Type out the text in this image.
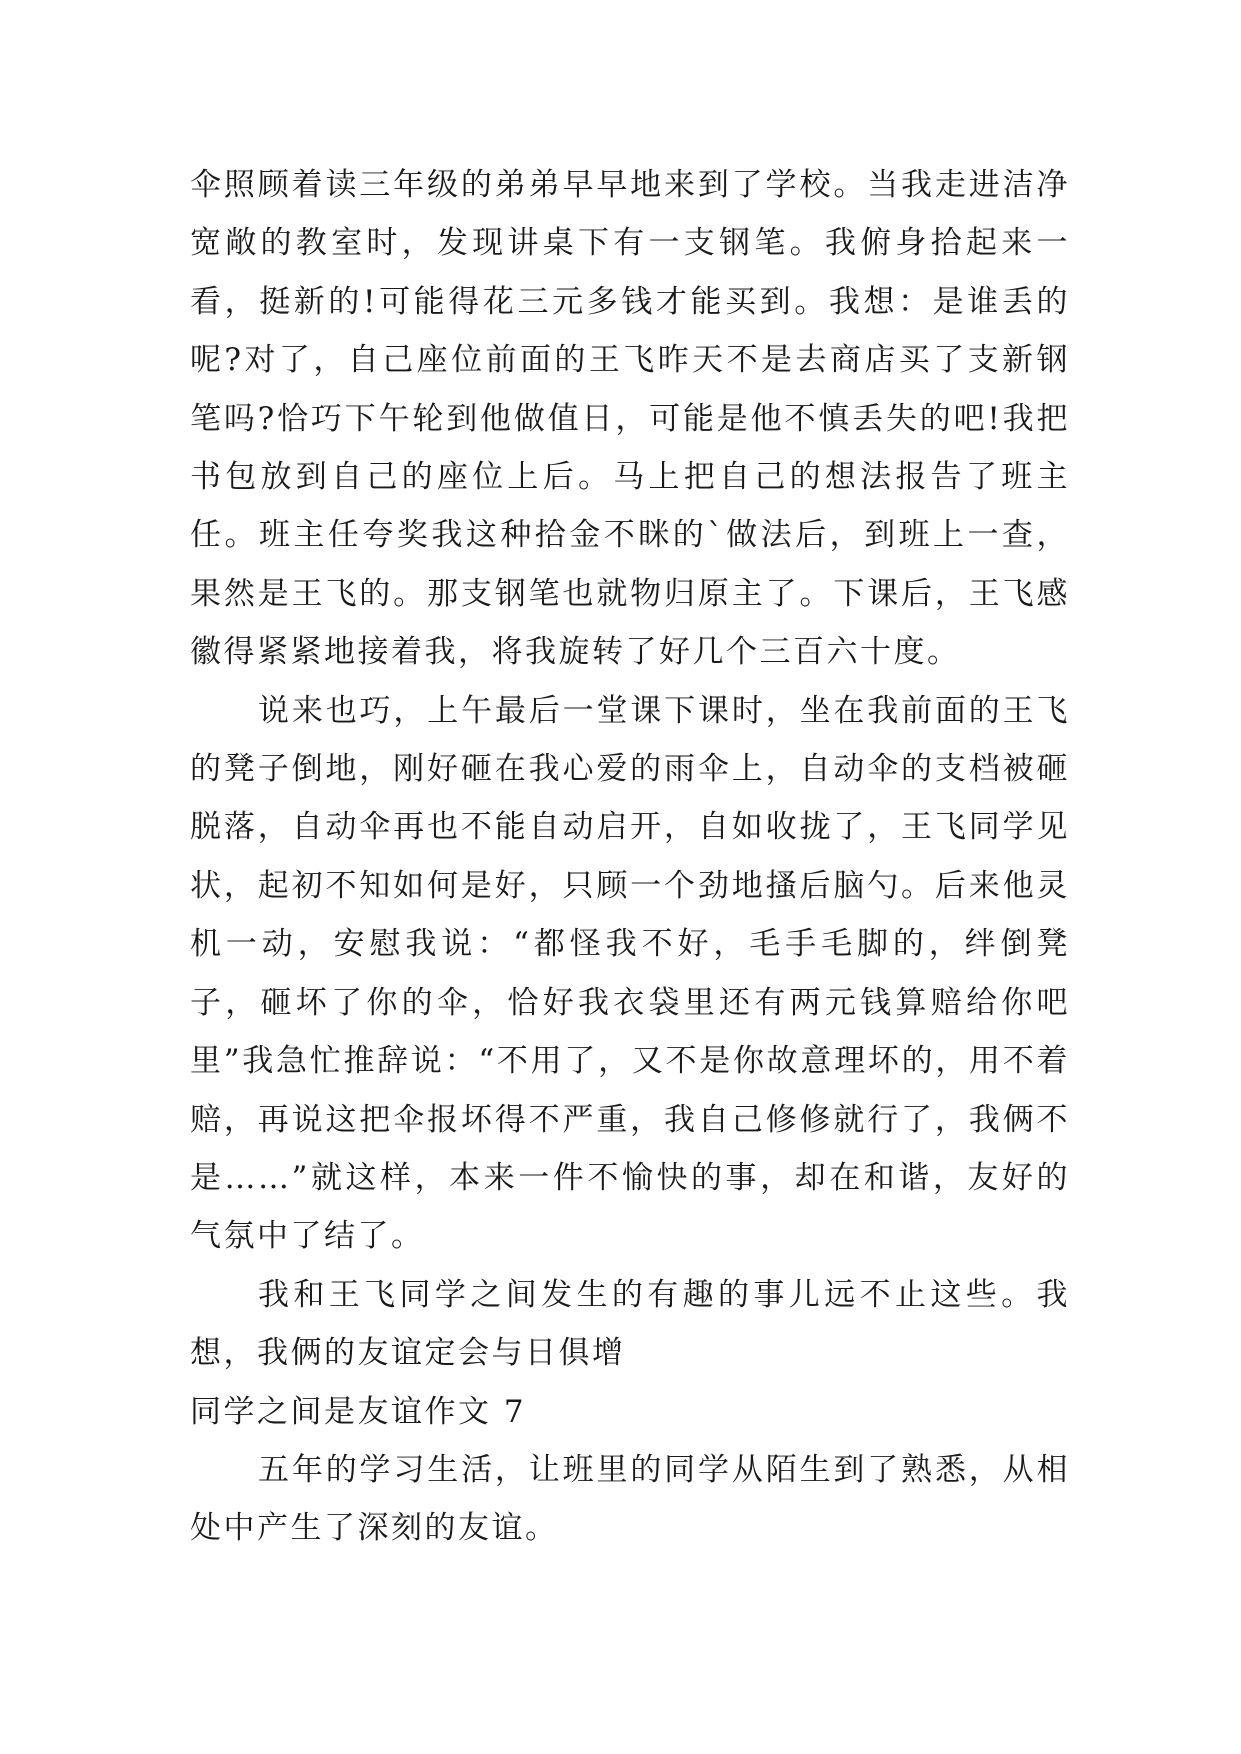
伞照顾着读三年级的弟弟早早地来到了学校。当我走进洁净宽敞的教室时，发现讲桌下有一支钢笔。我俯身拾起来一看，挺新的!可能得花三元多钱才能买到。我想：是谁丢的呢?对了，自己座位前面的王飞昨天不是去商店买了支新钢笔吗?恰巧下午轮到他做值日，可能是他不慎丢失的吧!我把书包放到自己的座位上后。马上把自己的想法报告了班主任。班主任夸奖我这种拾金不眯的`做法后，到班上一查，果然是王飞的。那支钢笔也就物归原主了。下课后，王飞感徽得紧紧地接着我，将我旋转了好几个三百六十度。

说来也巧，上午最后一堂课下课时，坐在我前面的王飞的凳子倒地，刚好砸在我心爱的雨伞上，自动伞的支档被砸脱落，自动伞再也不能自动启开，自如收拢了，王飞同学见状，起初不知如何是好，只顾一个劲地搔后脑勺。后来他灵机一动，安慰我说：“都怪我不好，毛手毛脚的，绊倒凳子，砸坏了你的伞，恰好我衣袋里还有两元钱算赔给你吧里”我急忙推辞说：“不用了，又不是你故意理坏的，用不着赔，再说这把伞报坏得不严重，我自己修修就行了，我俩不是……”就这样，本来一件不愉快的事，却在和谐，友好的气氛中了结了。

我和王飞同学之间发生的有趣的事儿远不止这些。我想，我俩的友谊定会与日俱增

同学之间是友谊作文 7

五年的学习生活，让班里的同学从陌生到了熟悉，从相处中产生了深刻的友谊。
